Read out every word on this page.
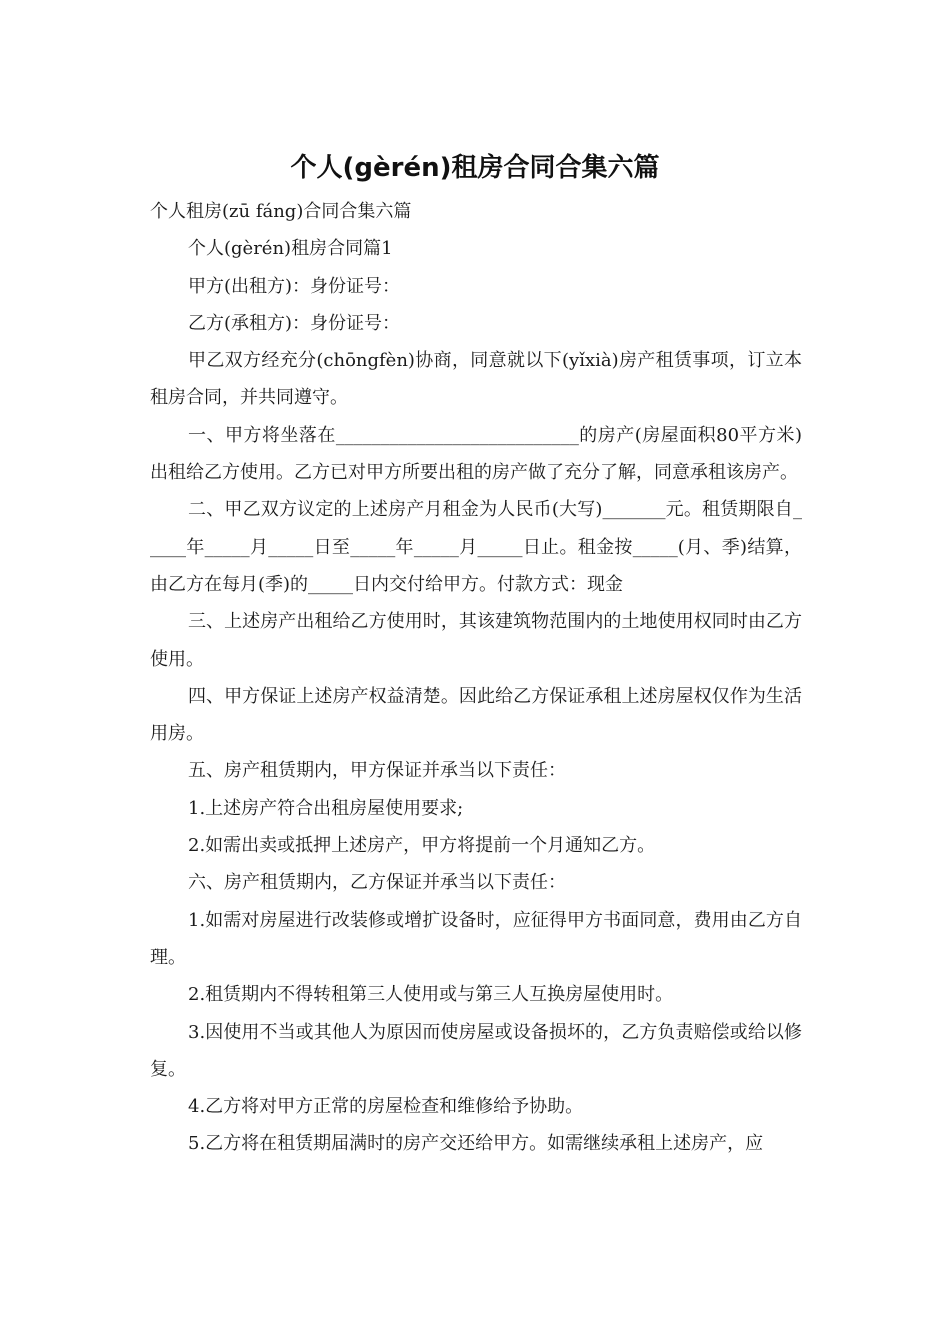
个人(gèrén)租房合同合集六篇

个人租房(zū fáng)合同合集六篇

个人(gèrén)租房合同篇1

甲方(出租方)：身份证号：

乙方(承租方)：身份证号：

甲乙双方经充分(chōngfèn)协商，同意就以下(yǐxià)房产租赁事项，订立本租房合同，并共同遵守。

一、甲方将坐落在___________________________的房产(房屋面积80平方米)出租给乙方使用。乙方已对甲方所要出租的房产做了充分了解，同意承租该房产。

二、甲乙双方议定的上述房产月租金为人民币(大写)_______元。租赁期限自_____年_____月_____日至_____年_____月_____日止。租金按_____(月、季)结算，由乙方在每月(季)的_____日内交付给甲方。付款方式：现金

三、上述房产出租给乙方使用时，其该建筑物范围内的土地使用权同时由乙方使用。

四、甲方保证上述房产权益清楚。因此给乙方保证承租上述房屋权仅作为生活用房。

五、房产租赁期内，甲方保证并承当以下责任：

1.上述房产符合出租房屋使用要求;

2.如需出卖或抵押上述房产，甲方将提前一个月通知乙方。

六、房产租赁期内，乙方保证并承当以下责任：

1.如需对房屋进行改装修或增扩设备时，应征得甲方书面同意，费用由乙方自理。

2.租赁期内不得转租第三人使用或与第三人互换房屋使用时。

3.因使用不当或其他人为原因而使房屋或设备损坏的，乙方负责赔偿或给以修复。

4.乙方将对甲方正常的房屋检查和维修给予协助。

5.乙方将在租赁期届满时的房产交还给甲方。如需继续承租上述房产，应
